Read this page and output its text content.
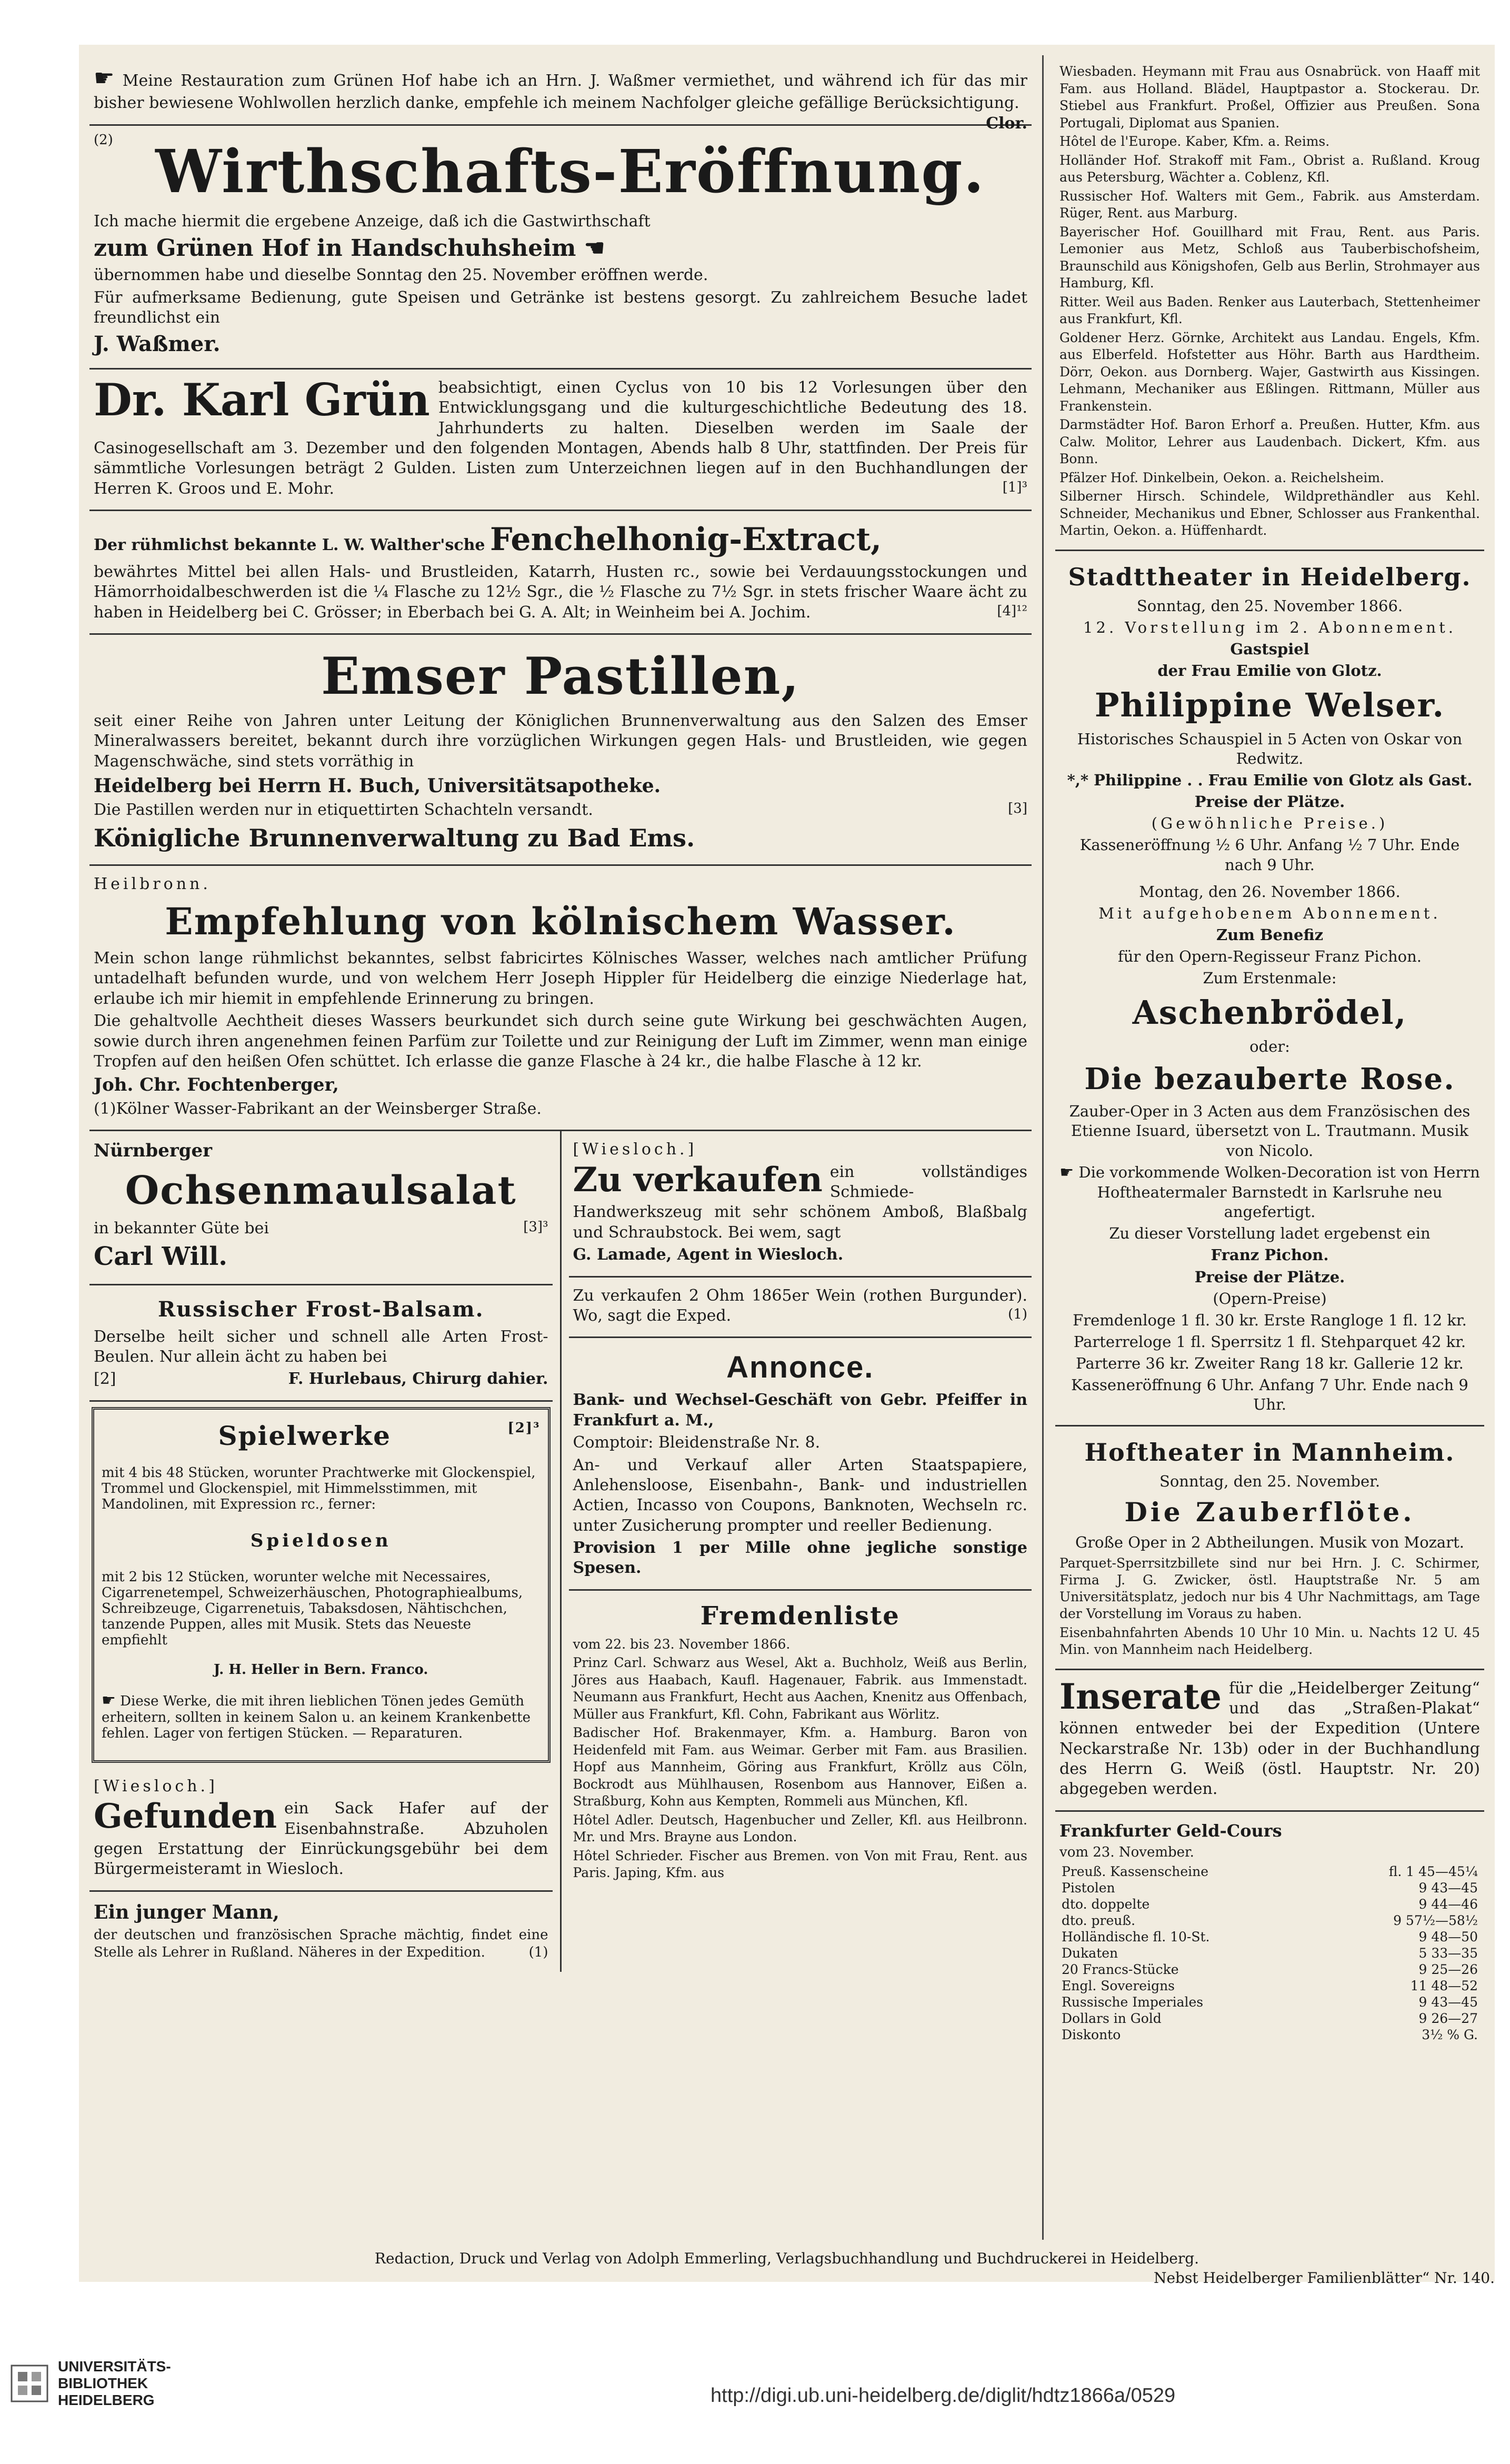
☛ Meine Restauration zum Grünen Hof habe ich an Hrn. J. Waßmer vermiethet, und während ich für das mir bisher bewiesene Wohlwollen herzlich danke, empfehle ich meinem Nachfolger gleiche gefällige Berücksichtigung.
Clor.

(2) Wirthschafts-Eröffnung.

Ich mache hiermit die ergebene Anzeige, daß ich die Gastwirthschaft

zum Grünen Hof in Handschuhsheim ☚

übernommen habe und dieselbe Sonntag den 25. November eröffnen werde.

Für aufmerksame Bedienung, gute Speisen und Getränke ist bestens gesorgt. Zu zahlreichem Besuche ladet freundlichst ein

J. Waßmer.

Dr. Karl Grün beabsichtigt, einen Cyclus von 10 bis 12 Vorlesungen über den Entwicklungsgang und die kulturgeschichtliche Bedeutung des 18. Jahrhunderts zu halten. Dieselben werden im Saale der Casinogesellschaft am 3. Dezember und den folgenden Montagen, Abends halb 8 Uhr, stattfinden. Der Preis für sämmtliche Vorlesungen beträgt 2 Gulden. Listen zum Unterzeichnen liegen auf in den Buchhandlungen der Herren K. Groos und E. Mohr.	[1]³

Der rühmlichst bekannte L. W. Walther'sche Fenchelhonig-Extract,

bewährtes Mittel bei allen Hals- und Brustleiden, Katarrh, Husten rc., sowie bei Verdauungsstockungen und Hämorrhoidalbeschwerden ist die ¼ Flasche zu 12½ Sgr., die ½ Flasche zu 7½ Sgr. in stets frischer Waare ächt zu haben in Heidelberg bei C. Grösser; in Eberbach bei G. A. Alt; in Weinheim bei A. Jochim.	[4]¹²

Emser Pastillen,

seit einer Reihe von Jahren unter Leitung der Königlichen Brunnenverwaltung aus den Salzen des Emser Mineralwassers bereitet, bekannt durch ihre vorzüglichen Wirkungen gegen Hals- und Brustleiden, wie gegen Magenschwäche, sind stets vorräthig in

Heidelberg bei Herrn H. Buch, Universitätsapotheke.

Die Pastillen werden nur in etiquettirten Schachteln versandt.	[3]

Königliche Brunnenverwaltung zu Bad Ems.

Heilbronn.

Empfehlung von kölnischem Wasser.

Mein schon lange rühmlichst bekanntes, selbst fabricirtes Kölnisches Wasser, welches nach amtlicher Prüfung untadelhaft befunden wurde, und von welchem Herr Joseph Hippler für Heidelberg die einzige Niederlage hat, erlaube ich mir hiemit in empfehlende Erinnerung zu bringen.

Die gehaltvolle Aechtheit dieses Wassers beurkundet sich durch seine gute Wirkung bei geschwächten Augen, sowie durch ihren angenehmen feinen Parfüm zur Toilette und zur Reinigung der Luft im Zimmer, wenn man einige Tropfen auf den heißen Ofen schüttet. Ich erlasse die ganze Flasche à 24 kr., die halbe Flasche à 12 kr.

Joh. Chr. Fochtenberger,

(1) Kölner Wasser-Fabrikant an der Weinsberger Straße.

Nürnberger

Ochsenmaulsalat

in bekannter Güte bei	[3]³

Carl Will.

Russischer Frost-Balsam.

Derselbe heilt sicher und schnell alle Arten Frost-Beulen. Nur allein ächt zu haben bei

[2]	F. Hurlebaus, Chirurg dahier.

Spielwerke	[2]³

mit 4 bis 48 Stücken, worunter Prachtwerke mit Glockenspiel, Trommel und Glockenspiel, mit Himmelsstimmen, mit Mandolinen, mit Expression rc., ferner:

Spieldosen

mit 2 bis 12 Stücken, worunter welche mit Necessaires, Cigarrenetempel, Schweizerhäuschen, Photographiealbums, Schreibzeuge, Cigarrenetuis, Tabaksdosen, Nähtischchen, tanzende Puppen, alles mit Musik. Stets das Neueste empfiehlt

J. H. Heller in Bern. Franco.

☛ Diese Werke, die mit ihren lieblichen Tönen jedes Gemüth erheitern, sollten in keinem Salon u. an keinem Krankenbette fehlen. Lager von fertigen Stücken. — Reparaturen.

[Wiesloch.]

Gefunden ein Sack Hafer auf der Eisenbahnstraße. Abzuholen gegen Erstattung der Einrückungsgebühr bei dem Bürgermeisteramt in Wiesloch.

Ein junger Mann,

der deutschen und französischen Sprache mächtig, findet eine Stelle als Lehrer in Rußland. Näheres in der Expedition.	(1)

[Wiesloch.]

Zu verkaufen ein vollständiges Schmiede-Handwerkszeug mit sehr schönem Amboß, Blaßbalg und Schraubstock. Bei wem, sagt

G. Lamade, Agent in Wiesloch.

Zu verkaufen 2 Ohm 1865er Wein (rothen Burgunder). Wo, sagt die Exped.	(1)

Annonce.

Bank- und Wechsel-Geschäft von Gebr. Pfeiffer in Frankfurt a. M.,

Comptoir: Bleidenstraße Nr. 8.

An- und Verkauf aller Arten Staatspapiere, Anlehensloose, Eisenbahn-, Bank- und industriellen Actien, Incasso von Coupons, Banknoten, Wechseln rc. unter Zusicherung prompter und reeller Bedienung.

Provision 1 per Mille ohne jegliche sonstige Spesen.

Fremdenliste

vom 22. bis 23. November 1866.

Prinz Carl. Schwarz aus Wesel, Akt a. Buchholz, Weiß aus Berlin, Jöres aus Haabach, Kaufl. Hagenauer, Fabrik. aus Immenstadt. Neumann aus Frankfurt, Hecht aus Aachen, Knenitz aus Offenbach, Müller aus Frankfurt, Kfl. Cohn, Fabrikant aus Wörlitz.

Badischer Hof. Brakenmayer, Kfm. a. Hamburg. Baron von Heidenfeld mit Fam. aus Weimar. Gerber mit Fam. aus Brasilien. Hopf aus Mannheim, Göring aus Frankfurt, Kröllz aus Cöln, Bockrodt aus Mühlhausen, Rosenbom aus Hannover, Eißen a. Straßburg, Kohn aus Kempten, Rommeli aus München, Kfl.

Hôtel Adler. Deutsch, Hagenbucher und Zeller, Kfl. aus Heilbronn. Mr. und Mrs. Brayne aus London.

Hôtel Schrieder. Fischer aus Bremen. von Von mit Frau, Rent. aus Paris. Japing, Kfm. aus

Wiesbaden. Heymann mit Frau aus Osnabrück. von Haaff mit Fam. aus Holland. Blädel, Hauptpastor a. Stockerau. Dr. Stiebel aus Frankfurt. Proßel, Offizier aus Preußen. Sona Portugali, Diplomat aus Spanien.

Hôtel de l'Europe. Kaber, Kfm. a. Reims.

Holländer Hof. Strakoff mit Fam., Obrist a. Rußland. Kroug aus Petersburg, Wächter a. Coblenz, Kfl.

Russischer Hof. Walters mit Gem., Fabrik. aus Amsterdam. Rüger, Rent. aus Marburg.

Bayerischer Hof. Gouillhard mit Frau, Rent. aus Paris. Lemonier aus Metz, Schloß aus Tauberbischofsheim, Braunschild aus Königshofen, Gelb aus Berlin, Strohmayer aus Hamburg, Kfl.

Ritter. Weil aus Baden. Renker aus Lauterbach, Stettenheimer aus Frankfurt, Kfl.

Goldener Herz. Görnke, Architekt aus Landau. Engels, Kfm. aus Elberfeld. Hofstetter aus Höhr. Barth aus Hardtheim. Dörr, Oekon. aus Dornberg. Wajer, Gastwirth aus Kissingen. Lehmann, Mechaniker aus Eßlingen. Rittmann, Müller aus Frankenstein.

Darmstädter Hof. Baron Erhorf a. Preußen. Hutter, Kfm. aus Calw. Molitor, Lehrer aus Laudenbach. Dickert, Kfm. aus Bonn.

Pfälzer Hof. Dinkelbein, Oekon. a. Reichelsheim.

Silberner Hirsch. Schindele, Wildprethändler aus Kehl. Schneider, Mechanikus und Ebner, Schlosser aus Frankenthal. Martin, Oekon. a. Hüffenhardt.

Stadttheater in Heidelberg.

Sonntag, den 25. November 1866.

12. Vorstellung im 2. Abonnement.

Gastspiel

der Frau Emilie von Glotz.

Philippine Welser.

Historisches Schauspiel in 5 Acten von Oskar von Redwitz.

*,* Philippine . . Frau Emilie von Glotz als Gast.

Preise der Plätze.

(Gewöhnliche Preise.)

Kasseneröffnung ½ 6 Uhr. Anfang ½ 7 Uhr. Ende nach 9 Uhr.

Montag, den 26. November 1866.

Mit aufgehobenem Abonnement.

Zum Benefiz

für den Opern-Regisseur Franz Pichon.

Zum Erstenmale:

Aschenbrödel,

oder:

Die bezauberte Rose.

Zauber-Oper in 3 Acten aus dem Französischen des Etienne Isuard, übersetzt von L. Trautmann. Musik von Nicolo.

☛ Die vorkommende Wolken-Decoration ist von Herrn Hoftheatermaler Barnstedt in Karlsruhe neu angefertigt.

Zu dieser Vorstellung ladet ergebenst ein

Franz Pichon.

Preise der Plätze.

(Opern-Preise)

Fremdenloge 1 fl. 30 kr. Erste Rangloge 1 fl. 12 kr.

Parterreloge 1 fl. Sperrsitz 1 fl. Stehparquet 42 kr.

Parterre 36 kr. Zweiter Rang 18 kr. Gallerie 12 kr.

Kasseneröffnung 6 Uhr. Anfang 7 Uhr. Ende nach 9 Uhr.

Hoftheater in Mannheim.

Sonntag, den 25. November.

Die Zauberflöte.

Große Oper in 2 Abtheilungen. Musik von Mozart.

Parquet-Sperrsitzbillete sind nur bei Hrn. J. C. Schirmer, Firma J. G. Zwicker, östl. Hauptstraße Nr. 5 am Universitätsplatz, jedoch nur bis 4 Uhr Nachmittags, am Tage der Vorstellung im Voraus zu haben.

Eisenbahnfahrten Abends 10 Uhr 10 Min. u. Nachts 12 U. 45 Min. von Mannheim nach Heidelberg.

Inserate für die „Heidelberger Zeitung“ und das „Straßen-Plakat“ können entweder bei der Expedition (Untere Neckarstraße Nr. 13b) oder in der Buchhandlung des Herrn G. Weiß (östl. Hauptstr. Nr. 20) abgegeben werden.

Frankfurter Geld-Cours

vom 23. November.

Preuß. Kassenscheine	fl. 1 45—45¼
Pistolen	9 43—45
dto. doppelte	9 44—46
dto. preuß.	9 57½—58½
Holländische fl. 10-St.	9 48—50
Dukaten	5 33—35
20 Francs-Stücke	9 25—26
Engl. Sovereigns	11 48—52
Russische Imperiales	9 43—45
Dollars in Gold	9 26—27
Diskonto	3½ % G.

Redaction, Druck und Verlag von Adolph Emmerling, Verlagsbuchhandlung und Buchdruckerei in Heidelberg.

Nebst Heidelberger Familienblätter“ Nr. 140.

UNIVERSITÄTS-
BIBLIOTHEK
HEIDELBERG	http://digi.ub.uni-heidelberg.de/diglit/hdtz1866a/0529
